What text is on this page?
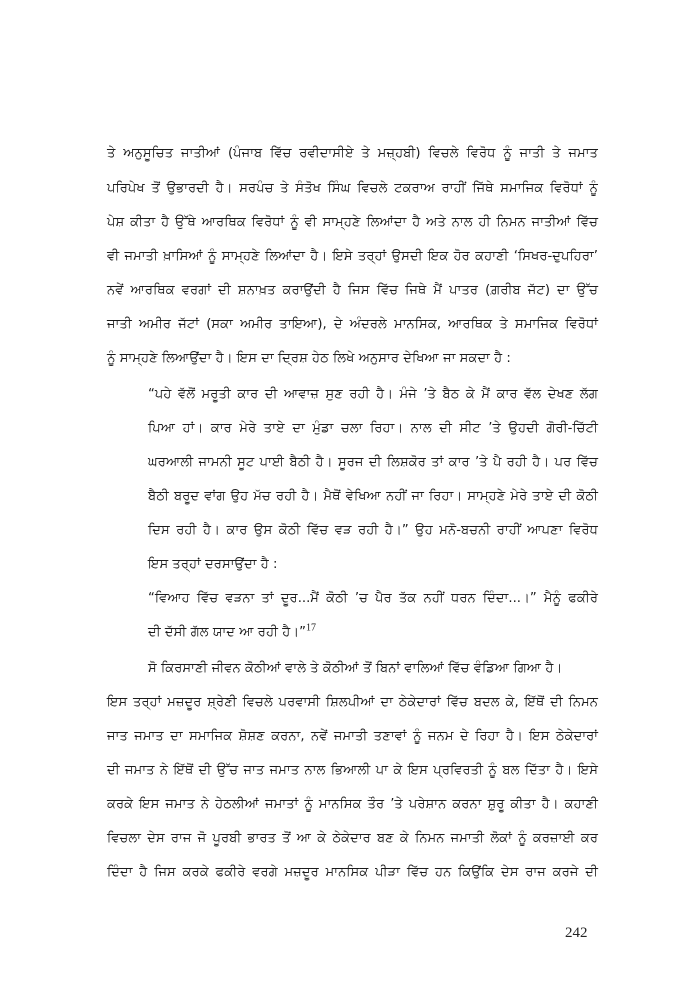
ਤੇ ਅਨੁਸੂਚਿਤ ਜਾਤੀਆਂ (ਪੰਜਾਬ ਵਿੱਚ ਰਵੀਦਾਸੀਏ ਤੇ ਮਜ਼੍ਹਬੀ) ਵਿਚਲੇ ਵਿਰੋਧ ਨੂੰ ਜਾਤੀ ਤੇ ਜਮਾਤ
ਪਰਿਪੇਖ ਤੋਂ ਉਭਾਰਦੀ ਹੈ। ਸਰਪੰਚ ਤੇ ਸੰਤੋਖ ਸਿੰਘ ਵਿਚਲੇ ਟਕਰਾਅ ਰਾਹੀਂ ਜਿੱਥੇ ਸਮਾਜਿਕ ਵਿਰੋਧਾਂ ਨੂੰ
ਪੇਸ਼ ਕੀਤਾ ਹੈ ਉੱਥੇ ਆਰਥਿਕ ਵਿਰੋਧਾਂ ਨੂੰ ਵੀ ਸਾਮ੍ਹਣੇ ਲਿਆਂਦਾ ਹੈ ਅਤੇ ਨਾਲ ਹੀ ਨਿਮਨ ਜਾਤੀਆਂ ਵਿੱਚ
ਵੀ ਜਮਾਤੀ ਖ਼ਾਸਿਆਂ ਨੂੰ ਸਾਮ੍ਹਣੇ ਲਿਆਂਦਾ ਹੈ। ਇਸੇ ਤਰ੍ਹਾਂ ਉਸਦੀ ਇਕ ਹੋਰ ਕਹਾਣੀ ‘ਸਿਖਰ-ਦੁਪਹਿਰਾ’
ਨਵੇਂ ਆਰਥਿਕ ਵਰਗਾਂ ਦੀ ਸ਼ਨਾਖ਼ਤ ਕਰਾਉਂਦੀ ਹੈ ਜਿਸ ਵਿੱਚ ਜਿਥੇ ਮੈਂ ਪਾਤਰ (ਗ਼ਰੀਬ ਜੱਟ) ਦਾ ਉੱਚ
ਜਾਤੀ ਅਮੀਰ ਜੱਟਾਂ (ਸਕਾ ਅਮੀਰ ਤਾਇਆ), ਦੇ ਅੰਦਰਲੇ ਮਾਨਸਿਕ, ਆਰਥਿਕ ਤੇ ਸਮਾਜਿਕ ਵਿਰੋਧਾਂ
ਨੂੰ ਸਾਮ੍ਹਣੇ ਲਿਆਉਂਦਾ ਹੈ। ਇਸ ਦਾ ਦ੍ਰਿਸ਼ ਹੇਠ ਲਿਖੇ ਅਨੁਸਾਰ ਦੇਖਿਆ ਜਾ ਸਕਦਾ ਹੈ :
“ਪਹੇ ਵੱਲੋਂ ਮਰੂਤੀ ਕਾਰ ਦੀ ਆਵਾਜ਼ ਸੁਣ ਰਹੀ ਹੈ। ਮੰਜੇ ’ਤੇ ਬੈਠ ਕੇ ਮੈਂ ਕਾਰ ਵੱਲ ਦੇਖਣ ਲੱਗ
ਪਿਆ ਹਾਂ। ਕਾਰ ਮੇਰੇ ਤਾਏ ਦਾ ਮੁੰਡਾ ਚਲਾ ਰਿਹਾ। ਨਾਲ ਦੀ ਸੀਟ ’ਤੇ ਉਹਦੀ ਗੋਰੀ-ਚਿੱਟੀ
ਘਰਆਲੀ ਜਾਮਨੀ ਸੂਟ ਪਾਈ ਬੈਠੀ ਹੈ। ਸੂਰਜ ਦੀ ਲਿਸ਼ਕੋਰ ਤਾਂ ਕਾਰ ’ਤੇ ਪੈ ਰਹੀ ਹੈ। ਪਰ ਵਿੱਚ
ਬੈਠੀ ਬਰੂਦ ਵਾਂਗ ਉਹ ਮੱਚ ਰਹੀ ਹੈ। ਮੈਥੋਂ ਵੇਖਿਆ ਨਹੀਂ ਜਾ ਰਿਹਾ। ਸਾਮ੍ਹਣੇ ਮੇਰੇ ਤਾਏ ਦੀ ਕੋਠੀ
ਦਿਸ ਰਹੀ ਹੈ। ਕਾਰ ਉਸ ਕੋਠੀ ਵਿੱਚ ਵੜ ਰਹੀ ਹੈ।” ਉਹ ਮਨੋ-ਬਚਨੀ ਰਾਹੀਂ ਆਪਣਾ ਵਿਰੋਧ
ਇਸ ਤਰ੍ਹਾਂ ਦਰਸਾਉਂਦਾ ਹੈ :
“ਵਿਆਹ ਵਿੱਚ ਵੜਨਾ ਤਾਂ ਦੂਰ...ਮੈਂ ਕੋਠੀ ’ਚ ਪੈਰ ਤੱਕ ਨਹੀਂ ਧਰਨ ਦਿੰਦਾ...।” ਮੈਨੂੰ ਫਕੀਰੇ
ਦੀ ਦੱਸੀ ਗੱਲ ਯਾਦ ਆ ਰਹੀ ਹੈ।”$^{17}$
ਸੋ ਕਿਰਸਾਣੀ ਜੀਵਨ ਕੋਠੀਆਂ ਵਾਲੇ ਤੇ ਕੋਠੀਆਂ ਤੋਂ ਬਿਨਾਂ ਵਾਲਿਆਂ ਵਿੱਚ ਵੰਡਿਆ ਗਿਆ ਹੈ।
ਇਸ ਤਰ੍ਹਾਂ ਮਜ਼ਦੂਰ ਸ਼੍ਰੇਣੀ ਵਿਚਲੇ ਪਰਵਾਸੀ ਸ਼ਿਲਪੀਆਂ ਦਾ ਠੇਕੇਦਾਰਾਂ ਵਿੱਚ ਬਦਲ ਕੇ, ਇੱਥੋਂ ਦੀ ਨਿਮਨ
ਜਾਤ ਜਮਾਤ ਦਾ ਸਮਾਜਿਕ ਸ਼ੋਸ਼ਣ ਕਰਨਾ, ਨਵੇਂ ਜਮਾਤੀ ਤਣਾਵਾਂ ਨੂੰ ਜਨਮ ਦੇ ਰਿਹਾ ਹੈ। ਇਸ ਠੇਕੇਦਾਰਾਂ
ਦੀ ਜਮਾਤ ਨੇ ਇੱਥੋਂ ਦੀ ਉੱਚ ਜਾਤ ਜਮਾਤ ਨਾਲ ਭਿਆਲੀ ਪਾ ਕੇ ਇਸ ਪ੍ਰਵਿਰਤੀ ਨੂੰ ਬਲ ਦਿੱਤਾ ਹੈ। ਇਸੇ
ਕਰਕੇ ਇਸ ਜਮਾਤ ਨੇ ਹੇਠਲੀਆਂ ਜਮਾਤਾਂ ਨੂੰ ਮਾਨਸਿਕ ਤੌਰ ’ਤੇ ਪਰੇਸ਼ਾਨ ਕਰਨਾ ਸ਼ੁਰੂ ਕੀਤਾ ਹੈ। ਕਹਾਣੀ
ਵਿਚਲਾ ਦੇਸ ਰਾਜ ਜੋ ਪੂਰਬੀ ਭਾਰਤ ਤੋਂ ਆ ਕੇ ਠੇਕੇਦਾਰ ਬਣ ਕੇ ਨਿਮਨ ਜਮਾਤੀ ਲੋਕਾਂ ਨੂੰ ਕਰਜ਼ਾਈ ਕਰ
ਦਿੰਦਾ ਹੈ ਜਿਸ ਕਰਕੇ ਫਕੀਰੇ ਵਰਗੇ ਮਜ਼ਦੂਰ ਮਾਨਸਿਕ ਪੀੜਾ ਵਿੱਚ ਹਨ ਕਿਉਂਕਿ ਦੇਸ ਰਾਜ ਕਰਜੇ ਦੀ
242
